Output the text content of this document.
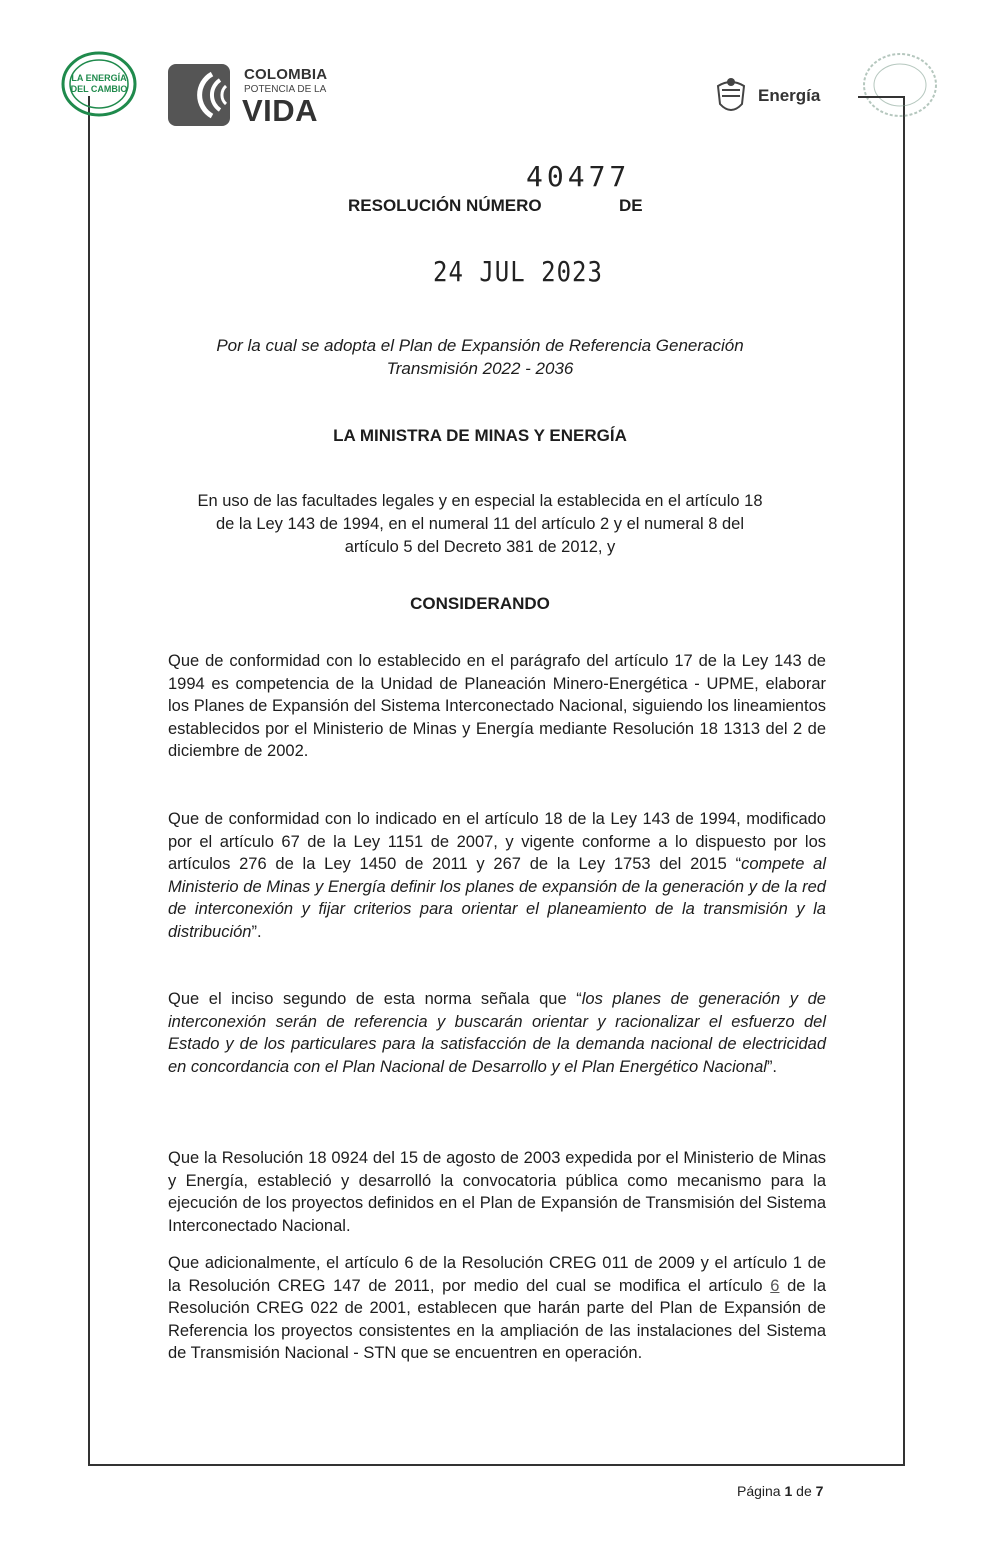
LA ENERGÍA
DEL CAMBIO
COLOMBIA
POTENCIA DE LA
VIDA	Energía
40477
RESOLUCIÓN NÚMERO	DE
24 JUL 2023
Por la cual se adopta el Plan de Expansión de Referencia Generación
Transmisión 2022 - 2036
LA MINISTRA DE MINAS Y ENERGÍA
En uso de las facultades legales y en especial la establecida en el artículo 18
de la Ley 143 de 1994, en el numeral 11 del artículo 2 y el numeral 8 del
artículo 5 del Decreto 381 de 2012, y
CONSIDERANDO
Que de conformidad con lo establecido en el parágrafo del artículo 17 de la Ley 143 de 1994 es competencia de la Unidad de Planeación Minero-Energética - UPME, elaborar los Planes de Expansión del Sistema Interconectado Nacional, siguiendo los lineamientos establecidos por el Ministerio de Minas y Energía mediante Resolución 18 1313 del 2 de diciembre de 2002.
Que de conformidad con lo indicado en el artículo 18 de la Ley 143 de 1994, modificado por el artículo 67 de la Ley 1151 de 2007, y vigente conforme a lo dispuesto por los artículos 276 de la Ley 1450 de 2011 y 267 de la Ley 1753 del 2015 “compete al Ministerio de Minas y Energía definir los planes de expansión de la generación y de la red de interconexión y fijar criterios para orientar el planeamiento de la transmisión y la distribución”.
Que el inciso segundo de esta norma señala que “los planes de generación y de interconexión serán de referencia y buscarán orientar y racionalizar el esfuerzo del Estado y de los particulares para la satisfacción de la demanda nacional de electricidad en concordancia con el Plan Nacional de Desarrollo y el Plan Energético Nacional”.
Que la Resolución 18 0924 del 15 de agosto de 2003 expedida por el Ministerio de Minas y Energía, estableció y desarrolló la convocatoria pública como mecanismo para la ejecución de los proyectos definidos en el Plan de Expansión de Transmisión del Sistema Interconectado Nacional.
Que adicionalmente, el artículo 6 de la Resolución CREG 011 de 2009 y el artículo 1 de la Resolución CREG 147 de 2011, por medio del cual se modifica el artículo 6 de la Resolución CREG 022 de 2001, establecen que harán parte del Plan de Expansión de Referencia los proyectos consistentes en la ampliación de las instalaciones del Sistema de Transmisión Nacional - STN que se encuentren en operación.
Página 1 de 7
